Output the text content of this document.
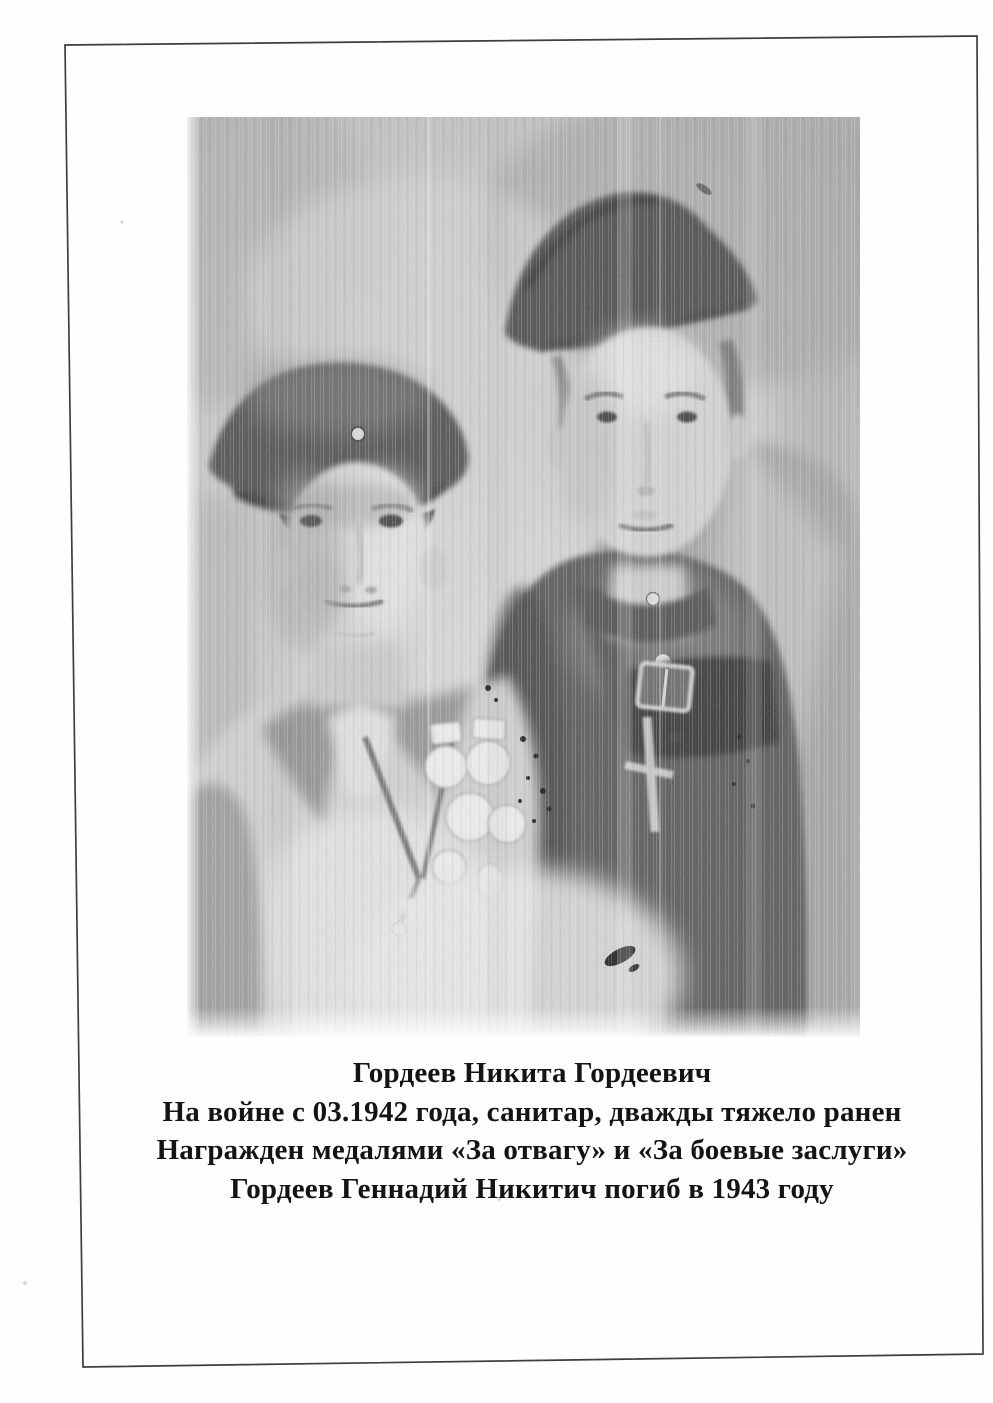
Гордеев Никита Гордеевич

На войне с 03.1942 года, санитар, дважды тяжело ранен

Награжден медалями «За отвагу» и «За боевые заслуги»

Гордеев Геннадий Никитич погиб в 1943 году
